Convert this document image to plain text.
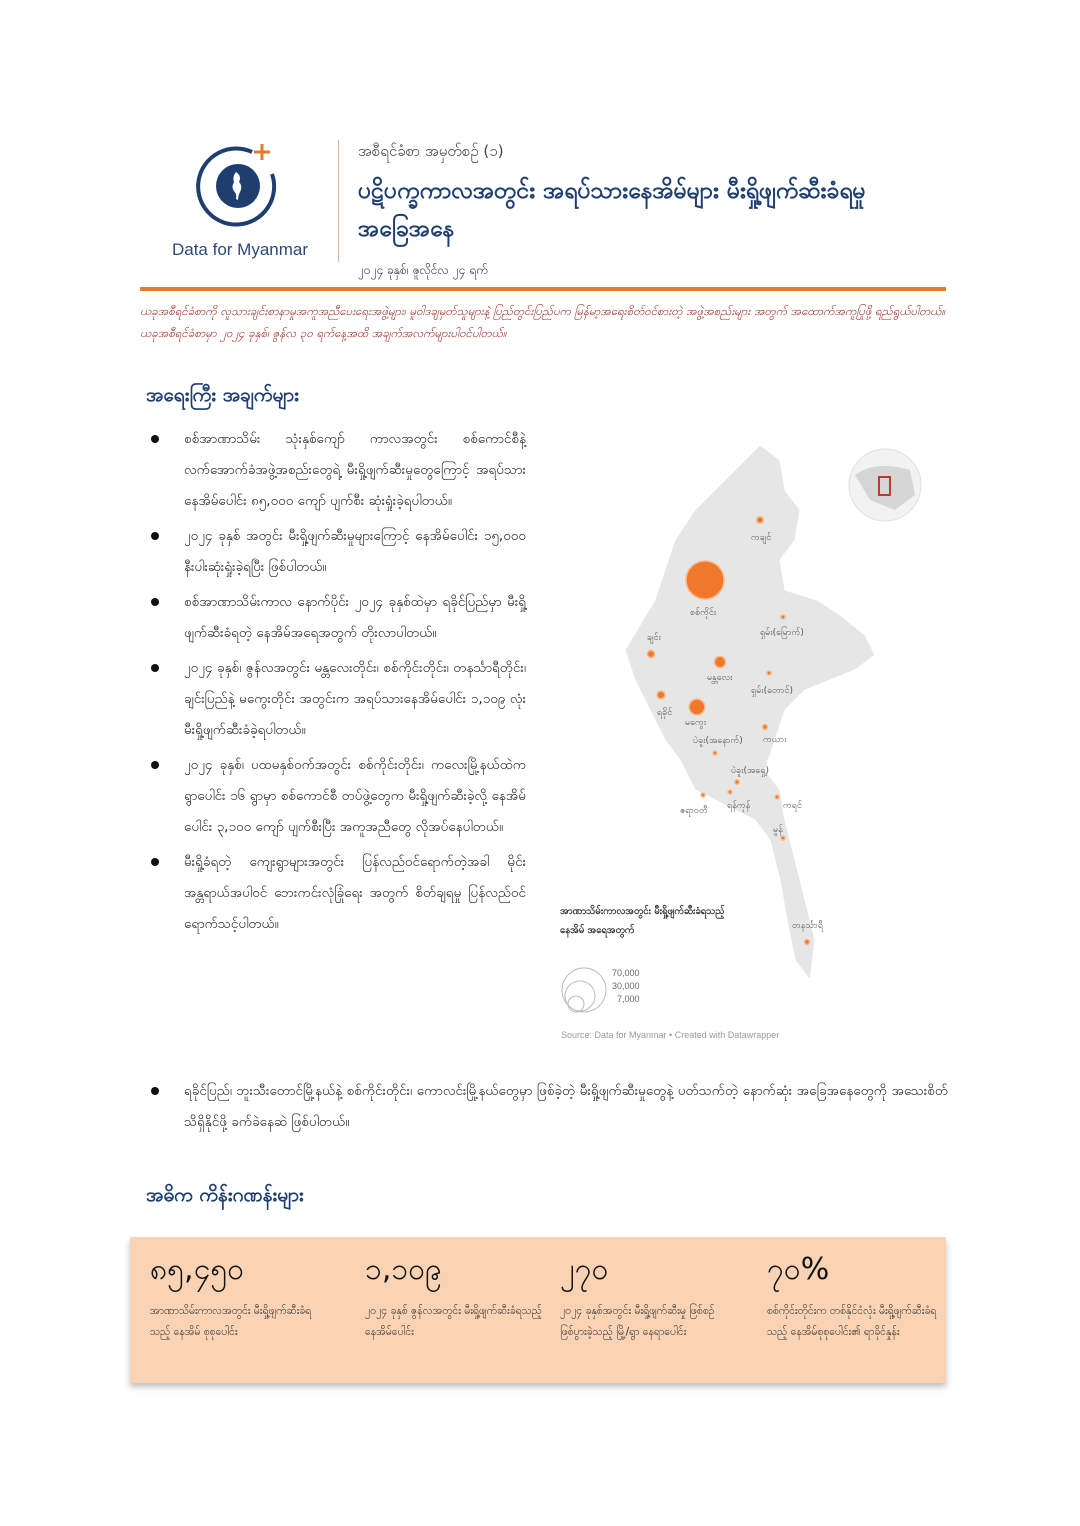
Data for Myanmar
အစီရင်ခံစာ အမှတ်စဉ် (၁)
ပဋိပက္ခကာလအတွင်း အရပ်သားနေအိမ်များ မီးရှို့ဖျက်ဆီးခံရမှု အခြေအနေ
၂၀၂၄ ခုနှစ်၊ ဇူလိုင်လ ၂၄ ရက်
ယခုအစီရင်ခံစာကို လူသားချင်းစာနာမှုအကူအညီပေးရေးအဖွဲ့များ၊ မူဝါဒချမှတ်သူများနဲ့ ပြည်တွင်းပြည်ပက မြန်မာ့အရေးစိတ်ဝင်စားတဲ့ အဖွဲ့အစည်းများ အတွက် အထောက်အကူပြုဖို့ ရည်ရွယ်ပါတယ်။ ယခုအစီရင်ခံစာမှာ ၂၀၂၄ ခုနှစ်၊ ဇွန်လ ၃၀ ရက်နေ့အထိ အချက်အလက်များပါဝင်ပါတယ်။
အရေးကြီး အချက်များ
စစ်အာဏာသိမ်း သုံးနှစ်ကျော် ကာလအတွင်း စစ်ကောင်စီနဲ့ လက်အောက်ခံအဖွဲ့အစည်းတွေရဲ့ မီးရှို့ဖျက်ဆီးမှုတွေကြောင့် အရပ်သား နေအိမ်ပေါင်း ၈၅,၀၀၀ ကျော် ပျက်စီး ဆုံးရှုံးခဲ့ရပါတယ်။
၂၀၂၄ ခုနှစ် အတွင်း မီးရှို့ဖျက်ဆီးမှုများကြောင့် နေအိမ်ပေါင်း ၁၅,၀၀၀ နီးပါးဆုံးရှုံးခဲ့ရပြီး ဖြစ်ပါတယ်။
စစ်အာဏာသိမ်းကာလ နောက်ပိုင်း ၂၀၂၄ ခုနှစ်ထဲမှာ ရခိုင်ပြည်မှာ မီးရှို့ဖျက်ဆီးခံရတဲ့ နေအိမ်အရေအတွက် တိုးလာပါတယ်။
၂၀၂၄ ခုနှစ်၊ ဇွန်လအတွင်း မန္တလေးတိုင်း၊ စစ်ကိုင်းတိုင်း၊ တနင်္သာရီတိုင်း၊ ချင်းပြည်နဲ့ မကွေးတိုင်း အတွင်းက အရပ်သားနေအိမ်ပေါင်း ၁,၁၀၉ လုံး မီးရှို့ဖျက်ဆီးခံခဲ့ရပါတယ်။
၂၀၂၄ ခုနှစ်၊ ပထမနှစ်ဝက်အတွင်း စစ်ကိုင်းတိုင်း၊ ကလေးမြို့နယ်ထဲက ရွာပေါင်း ၁၆ ရွာမှာ စစ်ကောင်စီ တပ်ဖွဲ့တွေက မီးရှို့ဖျက်ဆီးခဲ့လို့ နေအိမ်ပေါင်း ၃,၁၀၀ ကျော် ပျက်စီးပြီး အကူအညီတွေ လိုအပ်နေပါတယ်။
မီးရှို့ခံရတဲ့ ကျေးရွာများအတွင်း ပြန်လည်ဝင်ရောက်တဲ့အခါ မိုင်းအန္တရာယ်အပါဝင် ဘေးကင်းလုံခြုံရေး အတွက် စိတ်ချရမှု ပြန်လည်ဝင်ရောက်သင့်ပါတယ်။
ရခိုင်ပြည်၊ ဘူးသီးတောင်မြို့နယ်နဲ့ စစ်ကိုင်းတိုင်း၊ ကောလင်းမြို့နယ်တွေမှာ ဖြစ်ခဲ့တဲ့ မီးရှို့ဖျက်ဆီးမှုတွေနဲ့ ပတ်သက်တဲ့ နောက်ဆုံး အခြေအနေတွေကို အသေးစိတ်သိရှိနိုင်ဖို့ ခက်ခဲနေဆဲ ဖြစ်ပါတယ်။
ကချင်
စစ်ကိုင်း
ရှမ်း(မြောက်)
ချင်း
မန္တလေး
ရှမ်း(တောင်)
ရခိုင်
မကွေး
ကယား
ပဲခူး(အနောက်)
ပဲခူး(အရှေ့)
ဧရာဝတီ ရန်ကုန်	ကရင်
မွန်
တနင်္သာရီ
အာဏာသိမ်းကာလအတွင်း မီးရှို့ဖျက်ဆီးခံရသည့် နေအိမ် အရေအတွက်
70,000
30,000
7,000
Source: Data for Myanmar • Created with Datawrapper
အဓိက ကိန်းဂဏန်းများ
၈၅,၄၅၀
အာဏာသိမ်းကာလအတွင်း မီးရှို့ဖျက်ဆီးခံရသည့် နေအိမ် စုစုပေါင်း
၁,၁၀၉
၂၀၂၄ ခုနှစ် ဇွန်လအတွင်း မီးရှို့ဖျက်ဆီးခံရသည့်နေအိမ်ပေါင်း
၂၇၀
၂၀၂၄ ခုနှစ်အတွင်း မီးရှို့ဖျက်ဆီးမှု ဖြစ်စဉ် ဖြစ်ပွားခဲ့သည့် မြို့/ရွာ နေရာပေါင်း
၇၀%
စစ်ကိုင်းတိုင်းက တစ်နိုင်ငံလုံး မီးရှို့ဖျက်ဆီးခံရသည့် နေအိမ်စုစုပေါင်း၏ ရာခိုင်နှုန်း
